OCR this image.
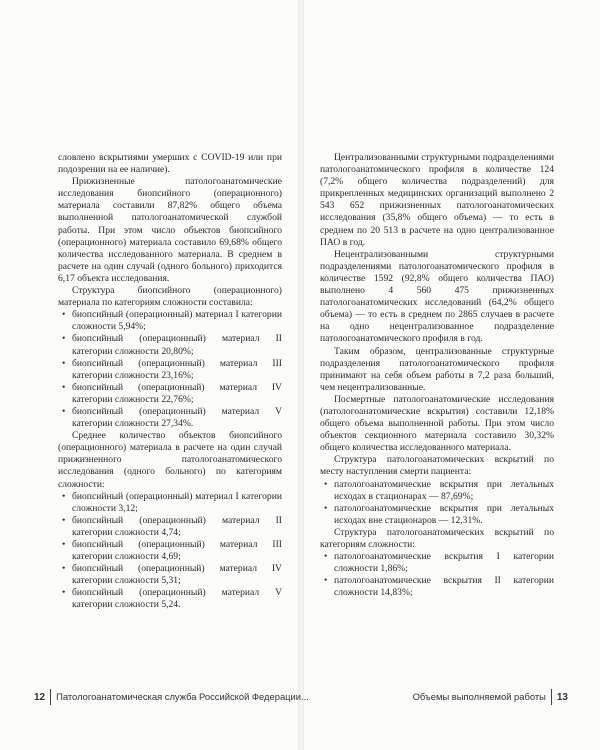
словлено вскрытиями умерших с COVID-19 или при подозрении на ее наличие).

Прижизненные патологоанатомические исследования биопсийного (операционного) материала составили 87,82% общего объема выполненной патологоанатомической службой работы. При этом число объектов биопсийного (операционного) материала составило 69,68% общего количества исследованного материала. В среднем в расчете на один случай (одного больного) приходится 6,17 объекта исследования.

Структура биопсийного (операционного) материала по категориям сложности составила:

• биопсийный (операционный) материал I категории сложности 5,94%;
• биопсийный (операционный) материал II категории сложности 20,80%;
• биопсийный (операционный) материал III категории сложности 23,16%;
• биопсийный (операционный) материал IV категории сложности 22,76%;
• биопсийный (операционный) материал V категории сложности 27,34%.

Среднее количество объектов биопсийного (операционного) материала в расчете на один случай прижизненного патологоанатомического исследования (одного больного) по категориям сложности:

• биопсийный (операционный) материал I категории сложности 3,12;
• биопсийный (операционный) материал II категории сложности 4,74;
• биопсийный (операционный) материал III категории сложности 4,69;
• биопсийный (операционный) материал IV категории сложности 5,31;
• биопсийный (операционный) материал V категории сложности 5,24.

Централизованными структурными подразделениями патологоанатомического профиля в количестве 124 (7,2% общего количества подразделений) для прикрепленных медицинских организаций выполнено 2 543 652 прижизненных патологоанатомических исследования (35,8% общего объема) — то есть в среднем по 20 513 в расчете на одно централизованное ПАО в год.

Нецентрализованными структурными подразделениями патологоанатомического профиля в количестве 1592 (92,8% общего количества ПАО) выполнено 4 560 475 прижизненных патологоанатомических исследований (64,2% общего объема) — то есть в среднем по 2865 случаев в расчете на одно нецентрализованное подразделение патологоанатомического профиля в год.

Таким образом, централизованные структурные подразделения патологоанатомического профиля принимают на себя объем работы в 7,2 раза больший, чем нецентрализованные.

Посмертные патологоанатомические исследования (патологоанатомические вскрытия) составили 12,18% общего объема выполненной работы. При этом число объектов секционного материала составило 30,32% общего количества исследованного материала.

Структура патологоанатомических вскрытий по месту наступления смерти пациента:

• патологоанатомические вскрытия при летальных исходах в стационарах — 87,69%;
• патологоанатомические вскрытия при летальных исходах вне стационаров — 12,31%.

Структура патологоанатомических вскрытий по категориям сложности:

• патологоанатомические вскрытия I категории сложности 1,86%;
• патологоанатомические вскрытия II категории сложности 14,83%;
12 Патологоанатомическая служба Российской Федерации...	Объемы выполняемой работы 13
